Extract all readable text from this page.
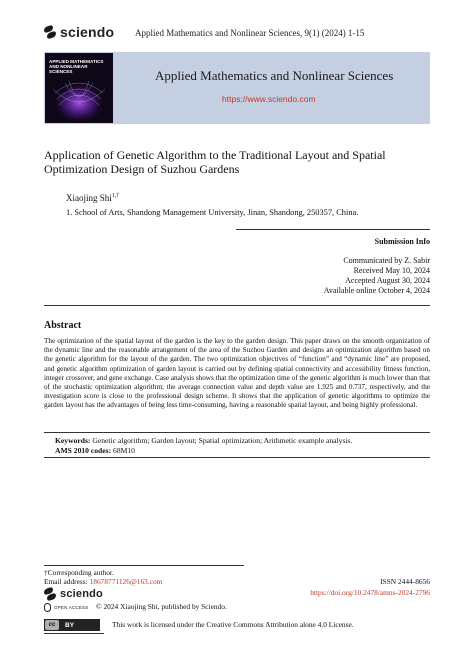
sciendo Applied Mathematics and Nonlinear Sciences, 9(1) (2024) 1-15
APPLIED MATHEMATICS AND NONLINEAR SCIENCES	Applied Mathematics and Nonlinear Sciences
https://www.sciendo.com
Application of Genetic Algorithm to the Traditional Layout and Spatial Optimization Design of Suzhou Gardens
Xiaojing Shi$^{1,\dagger}$
1. School of Arts, Shandong Management University, Jinan, Shandong, 250357, China.
Submission Info
Communicated by Z. Sabir
Received May 10, 2024
Accepted August 30, 2024
Available online October 4, 2024
Abstract
The optimization of the spatial layout of the garden is the key to the garden design. This paper draws on the smooth organization of the dynamic line and the reasonable arrangement of the area of the Suzhou Garden and designs an optimization algorithm based on the genetic algorithm for the layout of the garden. The two optimization objectives of “function” and “dynamic line” are proposed, and genetic algorithm optimization of garden layout is carried out by defining spatial connectivity and accessibility fitness function, integer crossover, and gene exchange. Case analysis shows that the optimization time of the genetic algorithm is much lower than that of the stochastic optimization algorithm; the average connection value and depth value are 1.925 and 0.737, respectively, and the investigation score is close to the professional design scheme. It shows that the application of genetic algorithms to optimize the garden layout has the advantages of being less time-consuming, having a reasonable spatial layout, and being highly professional.
Keywords: Genetic algorithm; Garden layout; Spatial optimization; Arithmetic example analysis.
AMS 2010 codes: 68M10
†Corresponding author.
Email address: 18678771126@163.com	ISSN 2444-8656
https://doi.org/10.2478/amns-2024-2796
sciendo
OPEN ACCESS © 2024 Xiaojing Shi, published by Sciendo.
cc	BY	This work is licensed under the Creative Commons Attribution alone 4.0 License.
